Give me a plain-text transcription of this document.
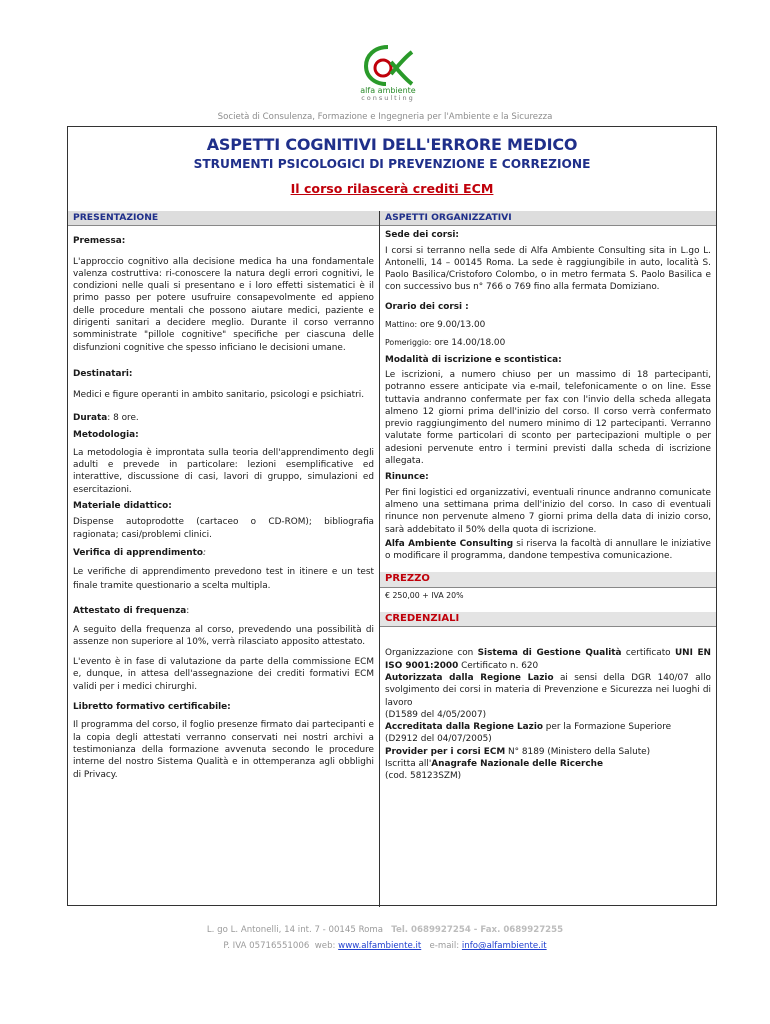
alfa ambiente
consulting
Società di Consulenza, Formazione e Ingegneria per l'Ambiente e la Sicurezza
ASPETTI COGNITIVI DELL'ERRORE MEDICO
STRUMENTI PSICOLOGICI DI PREVENZIONE E CORREZIONE
Il corso rilascerà crediti ECM
PRESENTAZIONE
Premessa:

L'approccio cognitivo alla decisione medica ha una fondamentale valenza costruttiva: ri-conoscere la natura degli errori cognitivi, le condizioni nelle quali si presentano e i loro effetti sistematici è il primo passo per potere usufruire consapevolmente ed appieno delle procedure mentali che possono aiutare medici, paziente e dirigenti sanitari a decidere meglio. Durante il corso verranno somministrate "pillole cognitive" specifiche per ciascuna delle disfunzioni cognitive che spesso inficiano le decisioni umane.

Destinatari:

Medici e figure operanti in ambito sanitario, psicologi e psichiatri.

Durata: 8 ore.
Metodologia:

La metodologia è improntata sulla teoria dell'apprendimento degli adulti e prevede in particolare: lezioni esemplificative ed interattive, discussione di casi, lavori di gruppo, simulazioni ed esercitazioni.

Materiale didattico:

Dispense autoprodotte (cartaceo o CD-ROM); bibliografia ragionata; casi/problemi clinici.

Verifica di apprendimento:

Le verifiche di apprendimento prevedono test in itinere e un test finale tramite questionario a scelta multipla.

Attestato di frequenza:

A seguito della frequenza al corso, prevedendo una possibilità di assenze non superiore al 10%, verrà rilasciato apposito attestato.

L'evento è in fase di valutazione da parte della commissione ECM e, dunque, in attesa dell'assegnazione dei crediti formativi ECM validi per i medici chirurghi.

Libretto formativo certificabile:

Il programma del corso, il foglio presenze firmato dai partecipanti e la copia degli attestati verranno conservati nei nostri archivi a testimonianza della formazione avvenuta secondo le procedure interne del nostro Sistema Qualità e in ottemperanza agli obblighi di Privacy.

ASPETTI ORGANIZZATIVI
Sede dei corsi:

I corsi si terranno nella sede di Alfa Ambiente Consulting sita in L.go L. Antonelli, 14 – 00145 Roma. La sede è raggiungibile in auto, località S. Paolo Basilica/Cristoforo Colombo, o in metro fermata S. Paolo Basilica e con successivo bus n° 766 o 769 fino alla fermata Domiziano.

Orario dei corsi :
Mattino: ore 9.00/13.00
Pomeriggio: ore 14.00/18.00
Modalità di iscrizione e scontistica:

Le iscrizioni, a numero chiuso per un massimo di 18 partecipanti, potranno essere anticipate via e-mail, telefonicamente o on line. Esse tuttavia andranno confermate per fax con l'invio della scheda allegata almeno 12 giorni prima dell'inizio del corso. Il corso verrà confermato previo raggiungimento del numero minimo di 12 partecipanti. Verranno valutate forme particolari di sconto per partecipazioni multiple o per adesioni pervenute entro i termini previsti dalla scheda di iscrizione allegata.

Rinunce:

Per fini logistici ed organizzativi, eventuali rinunce andranno comunicate almeno una settimana prima dell'inizio del corso. In caso di eventuali rinunce non pervenute almeno 7 giorni prima della data di inizio corso, sarà addebitato il 50% della quota di iscrizione.

Alfa Ambiente Consulting si riserva la facoltà di annullare le iniziative o modificare il programma, dandone tempestiva comunicazione.

PREZZO
€ 250,00 + IVA 20%
CREDENZIALI

Organizzazione con Sistema di Gestione Qualità certificato UNI EN ISO 9001:2000 Certificato n. 620

Autorizzata dalla Regione Lazio ai sensi della DGR 140/07 allo svolgimento dei corsi in materia di Prevenzione e Sicurezza nei luoghi di lavoro

(D1589 del 4/05/2007)

Accreditata dalla Regione Lazio per la Formazione Superiore

(D2912 del 04/07/2005)

Provider per i corsi ECM N° 8189 (Ministero della Salute)

Iscritta all'Anagrafe Nazionale delle Ricerche

(cod. 58123SZM)

L. go L. Antonelli, 14 int. 7 - 00145 Roma Tel. 0689927254 - Fax. 0689927255
P. IVA 05716551006 web: www.alfambiente.it e-mail: info@alfambiente.it
